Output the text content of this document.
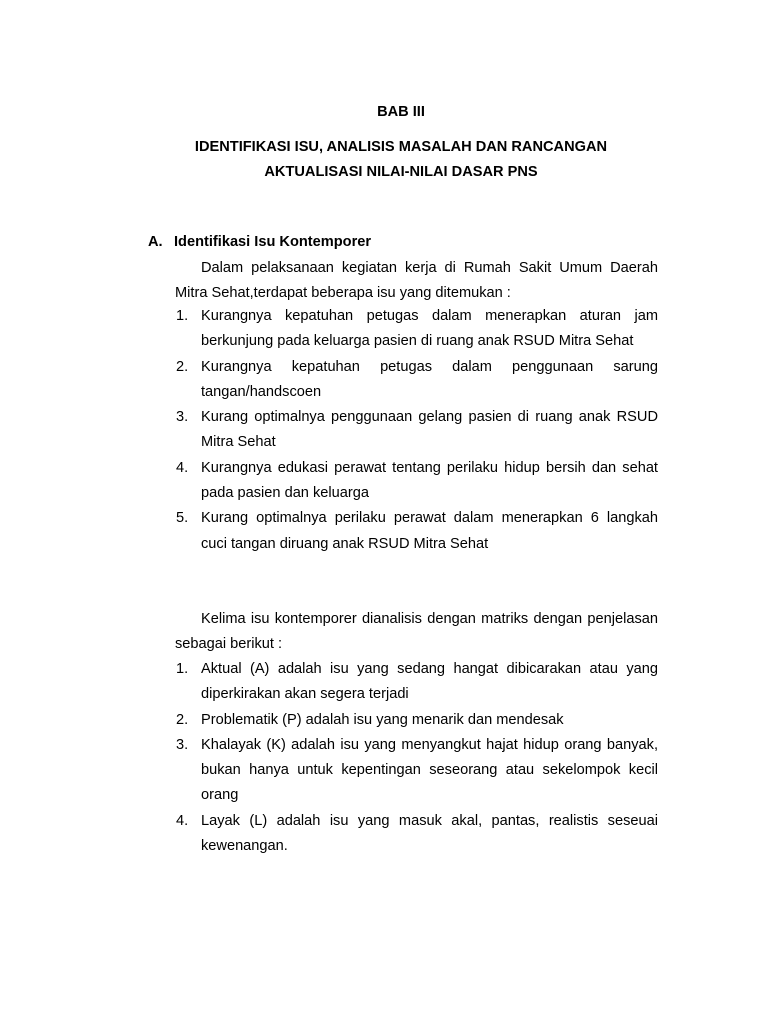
BAB III
IDENTIFIKASI ISU, ANALISIS MASALAH DAN RANCANGAN
AKTUALISASI NILAI-NILAI DASAR PNS
A. Identifikasi Isu Kontemporer
Dalam pelaksanaan kegiatan kerja di Rumah Sakit Umum Daerah Mitra Sehat,terdapat beberapa isu yang ditemukan :
1. Kurangnya kepatuhan petugas dalam menerapkan aturan jam berkunjung pada keluarga pasien di ruang anak RSUD Mitra Sehat
2. Kurangnya kepatuhan petugas dalam penggunaan sarung tangan/handscoen
3. Kurang optimalnya penggunaan gelang pasien di ruang anak RSUD Mitra Sehat
4. Kurangnya edukasi perawat tentang perilaku hidup bersih dan sehat pada pasien dan keluarga
5. Kurang optimalnya perilaku perawat dalam menerapkan 6 langkah cuci tangan diruang anak RSUD Mitra Sehat
Kelima isu kontemporer dianalisis dengan matriks dengan penjelasan sebagai berikut :
1. Aktual (A) adalah isu yang sedang hangat dibicarakan atau yang diperkirakan akan segera terjadi
2. Problematik (P) adalah isu yang menarik dan mendesak
3. Khalayak (K) adalah isu yang menyangkut hajat hidup orang banyak, bukan hanya untuk kepentingan seseorang atau sekelompok kecil orang
4. Layak (L) adalah isu yang masuk akal, pantas, realistis seseuai kewenangan.
